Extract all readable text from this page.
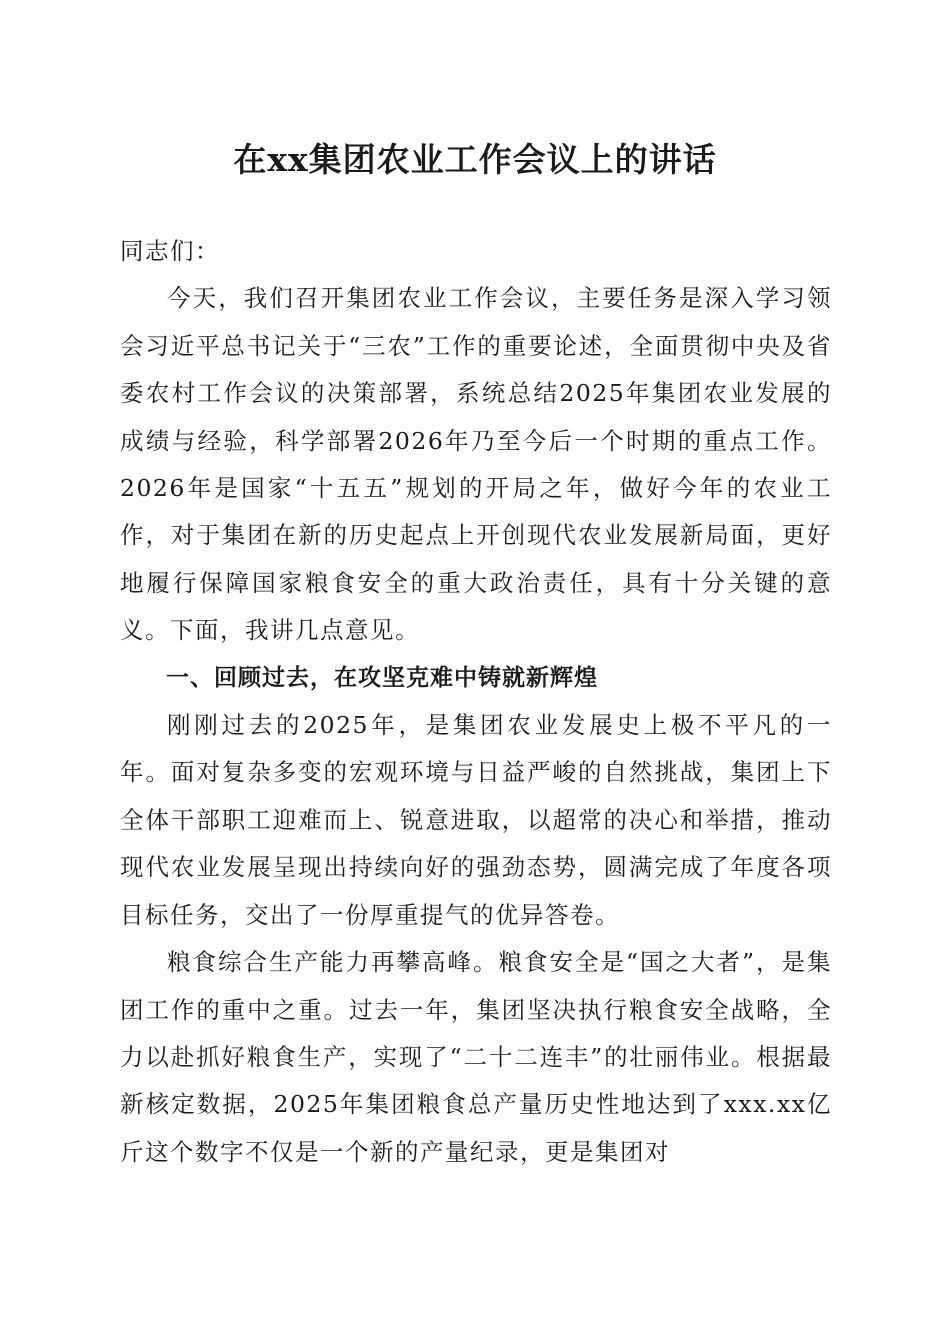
在xx集团农业工作会议上的讲话

同志们：

今天，我们召开集团农业工作会议，主要任务是深入学习领会习近平总书记关于“三农”工作的重要论述，全面贯彻中央及省委农村工作会议的决策部署，系统总结2025年集团农业发展的成绩与经验，科学部署2026年乃至今后一个时期的重点工作。2026年是国家“十五五”规划的开局之年，做好今年的农业工作，对于集团在新的历史起点上开创现代农业发展新局面，更好地履行保障国家粮食安全的重大政治责任，具有十分关键的意义。下面，我讲几点意见。

一、回顾过去，在攻坚克难中铸就新辉煌

刚刚过去的2025年，是集团农业发展史上极不平凡的一年。面对复杂多变的宏观环境与日益严峻的自然挑战，集团上下全体干部职工迎难而上、锐意进取，以超常的决心和举措，推动现代农业发展呈现出持续向好的强劲态势，圆满完成了年度各项目标任务，交出了一份厚重提气的优异答卷。

粮食综合生产能力再攀高峰。粮食安全是“国之大者”，是集团工作的重中之重。过去一年，集团坚决执行粮食安全战略，全力以赴抓好粮食生产，实现了“二十二连丰”的壮丽伟业。根据最新核定数据，2025年集团粮食总产量历史性地达到了xxx.xx亿斤这个数字不仅是一个新的产量纪录，更是集团对
